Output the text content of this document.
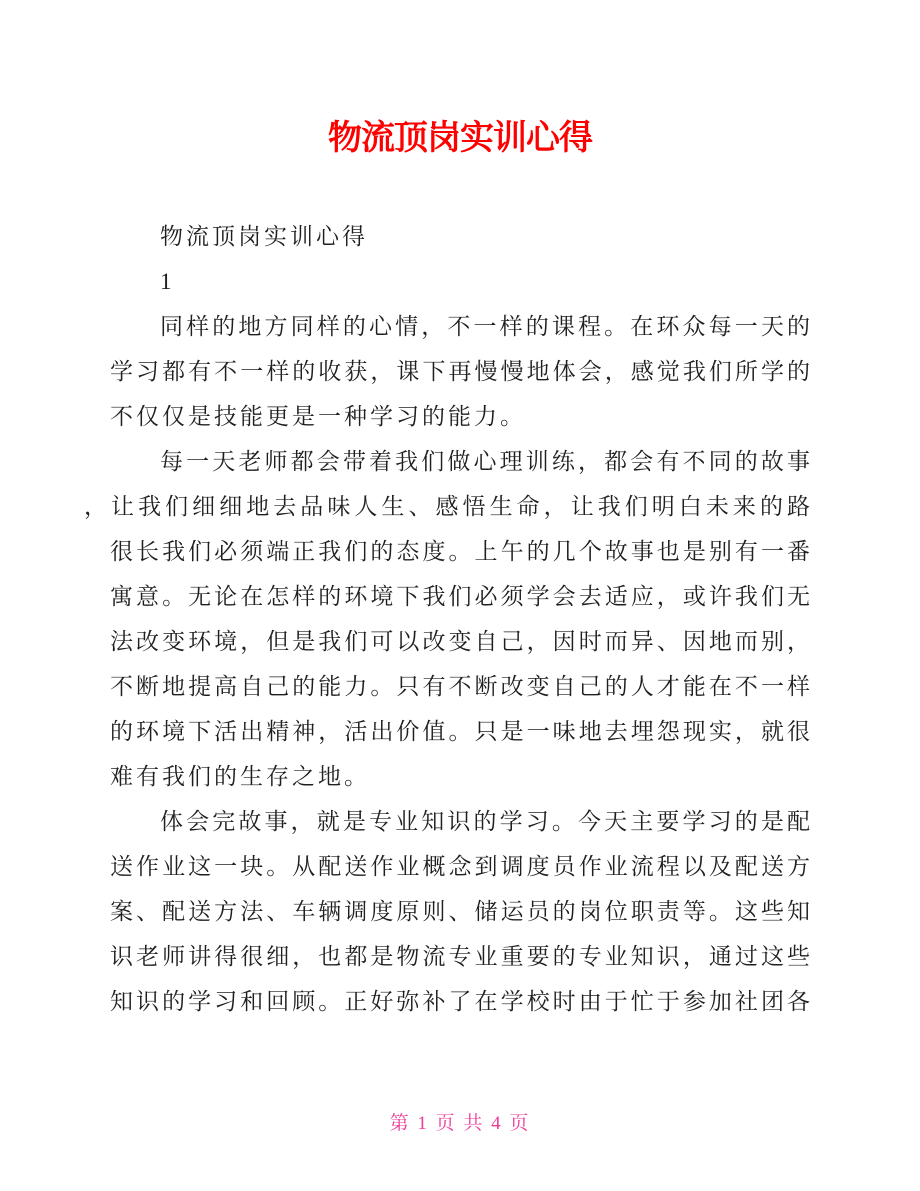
物流顶岗实训心得
物流顶岗实训心得
1
同样的地方同样的心情，不一样的课程。在环众每一天的
学习都有不一样的收获，课下再慢慢地体会，感觉我们所学的
不仅仅是技能更是一种学习的能力。
每一天老师都会带着我们做心理训练，都会有不同的故事
，让我们细细地去品味人生、感悟生命，让我们明白未来的路
很长我们必须端正我们的态度。上午的几个故事也是别有一番
寓意。无论在怎样的环境下我们必须学会去适应，或许我们无
法改变环境，但是我们可以改变自己，因时而异、因地而别，
不断地提高自己的能力。只有不断改变自己的人才能在不一样
的环境下活出精神，活出价值。只是一味地去埋怨现实，就很
难有我们的生存之地。
体会完故事，就是专业知识的学习。今天主要学习的是配
送作业这一块。从配送作业概念到调度员作业流程以及配送方
案、配送方法、车辆调度原则、储运员的岗位职责等。这些知
识老师讲得很细，也都是物流专业重要的专业知识，通过这些
知识的学习和回顾。正好弥补了在学校时由于忙于参加社团各
第 1 页 共 4 页
